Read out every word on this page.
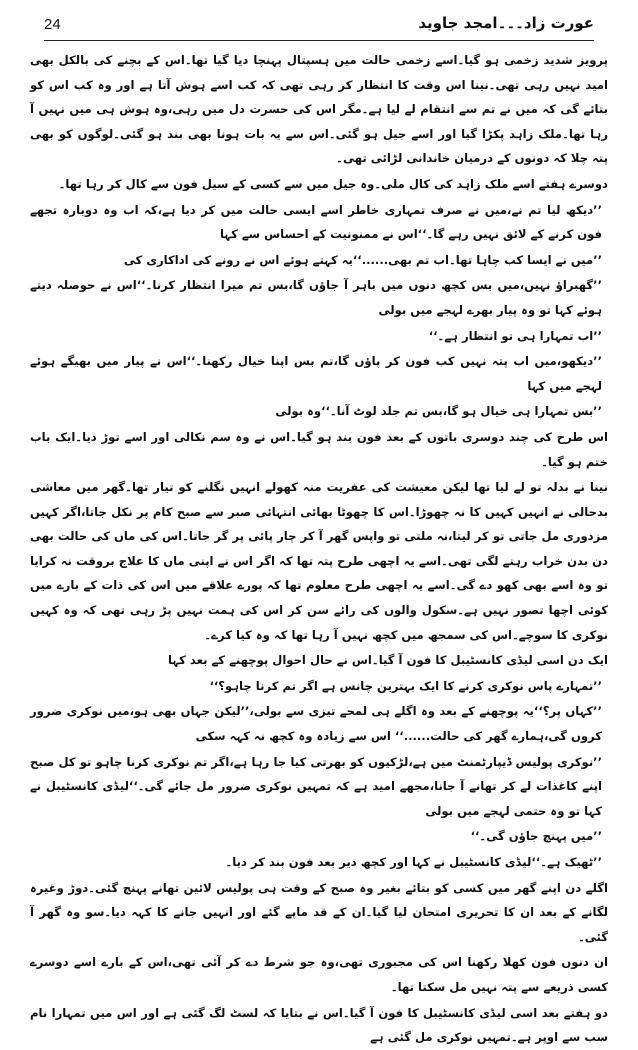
24	عورت زاد۔۔۔امجد جاوید

پرویز شدید زخمی ہو گیا۔اسے زخمی حالت میں ہسپتال پہنچا دیا گیا تھا۔اس کے بچنے کی بالکل بھی امید نہیں رہی تھی۔نینا اس وقت کا انتظار کر رہی تھی کہ کب اسے ہوش آتا ہے اور وہ کب اس کو بتائے گی کہ میں نے تم سے انتقام لے لیا ہے۔مگر اس کی حسرت دل میں رہی،وہ ہوش ہی میں نہیں آ رہا تھا۔ملک زاہد پکڑا گیا اور اسے جیل ہو گئی۔اس سے یہ بات ہونا بھی بند ہو گئی۔لوگوں کو بھی پتہ چلا کہ دونوں کے درمیان خاندانی لڑائی تھی۔

دوسرے ہفتے اسے ملک زاہد کی کال ملی۔وہ جیل میں سے کسی کے سیل فون سے کال کر رہا تھا۔

’’دیکھ لیا تم نے،میں نے صرف تمہاری خاطر اسے ایسی حالت میں کر دیا ہے،کہ اب وہ دوبارہ تجھے فون کرنے کے لائق نہیں رہے گا۔‘‘اس نے ممنونیت کے احساس سے کہا

’’میں نے ایسا کب چاہا تھا۔اب تم بھی......‘‘یہ کہتے ہوئے اس نے رونے کی اداکاری کی

’’گھبراؤ نہیں،میں بس کچھ دنوں میں باہر آ جاؤں گا،بس تم میرا انتظار کرنا۔‘‘اس نے حوصلہ دیتے ہوئے کہا تو وہ پیار بھرے لہجے میں بولی

’’اب تمہارا ہی تو انتظار ہے۔‘‘

’’دیکھو،میں اب پتہ نہیں کب فون کر پاؤں گا،تم بس اپنا خیال رکھنا۔‘‘اس نے پیار میں بھیگے ہوئے لہجے میں کہا

’’بس تمہارا ہی خیال ہو گا،بس تم جلد لوٹ آنا۔‘‘وہ بولی

اس طرح کی چند دوسری باتوں کے بعد فون بند ہو گیا۔اس نے وہ سم نکالی اور اسے توڑ دیا۔ایک باب ختم ہو گیا۔

نینا نے بدلہ تو لے لیا تھا لیکن معیشت کی عفریت منہ کھولے انہیں نگلنے کو تیار تھا۔گھر میں معاشی بدحالی نے انہیں کہیں کا نہ چھوڑا۔اس کا چھوٹا بھائی انتہائی صبر سے صبح کام پر نکل جاتا،اگر کہیں مزدوری مل جاتی تو کر لیتا،نہ ملتی تو واپس گھر آ کر چار پائی پر گر جاتا۔اس کی ماں کی حالت بھی دن بدن خراب رہنے لگی تھی۔اسے یہ اچھی طرح پتہ تھا کہ اگر اس نے اپنی ماں کا علاج بروقت نہ کرایا تو وہ اسے بھی کھو دے گی۔اسے یہ اچھی طرح معلوم تھا کہ پورے علاقے میں اس کی ذات کے بارے میں کوئی اچھا تصور نہیں ہے۔سکول والوں کی رائے سن کر اس کی ہمت نہیں پڑ رہی تھی کہ وہ کہیں نوکری کا سوچے۔اس کی سمجھ میں کچھ نہیں آ رہا تھا کہ وہ کیا کرے۔

ایک دن اسی لیڈی کانسٹیبل کا فون آ گیا۔اس نے حال احوال پوچھنے کے بعد کہا

’’تمہارے پاس نوکری کرنے کا ایک بہترین چانس ہے اگر تم کرنا چاہو؟‘‘

’’کہاں پر؟‘‘یہ پوچھنے کے بعد وہ اگلے ہی لمحے تیزی سے بولی،’’لیکن جہاں بھی ہو،میں نوکری ضرور کروں گی،ہمارے گھر کی حالت......‘‘ اس سے زیادہ وہ کچھ نہ کہہ سکی

’’نوکری پولیس ڈیپارٹمنٹ میں ہے،لڑکیوں کو بھرتی کیا جا رہا ہے،اگر تم نوکری کرنا چاہو تو کل صبح اپنے کاغذات لے کر تھانے آ جانا،مجھے امید ہے کہ تمہیں نوکری ضرور مل جائے گی۔‘‘لیڈی کانسٹیبل نے کہا تو وہ حتمی لہجے میں بولی

’’میں پہنچ جاؤں گی۔‘‘

’’ٹھیک ہے۔‘‘لیڈی کانسٹیبل نے کہا اور کچھ دیر بعد فون بند کر دیا۔

اگلے دن اپنے گھر میں کسی کو بتائے بغیر وہ صبح کے وقت ہی پولیس لائین تھانے پہنچ گئی۔دوڑ وغیرہ لگانے کے بعد ان کا تحریری امتحان لیا گیا۔ان کے قد ماپے گئے اور انہیں جانے کا کہہ دیا۔سو وہ گھر آ گئی۔

ان دنوں فون کھلا رکھنا اس کی مجبوری تھی،وہ جو شرط دے کر آئی تھی،اس کے بارے اسے دوسرے کسی ذریعے سے پتہ نہیں مل سکتا تھا۔

دو ہفتے بعد اسی لیڈی کانسٹیبل کا فون آ گیا۔اس نے بتایا کہ لسٹ لگ گئی ہے اور اس میں تمہارا نام سب سے اوپر ہے۔تمہیں نوکری مل گئی ہے
